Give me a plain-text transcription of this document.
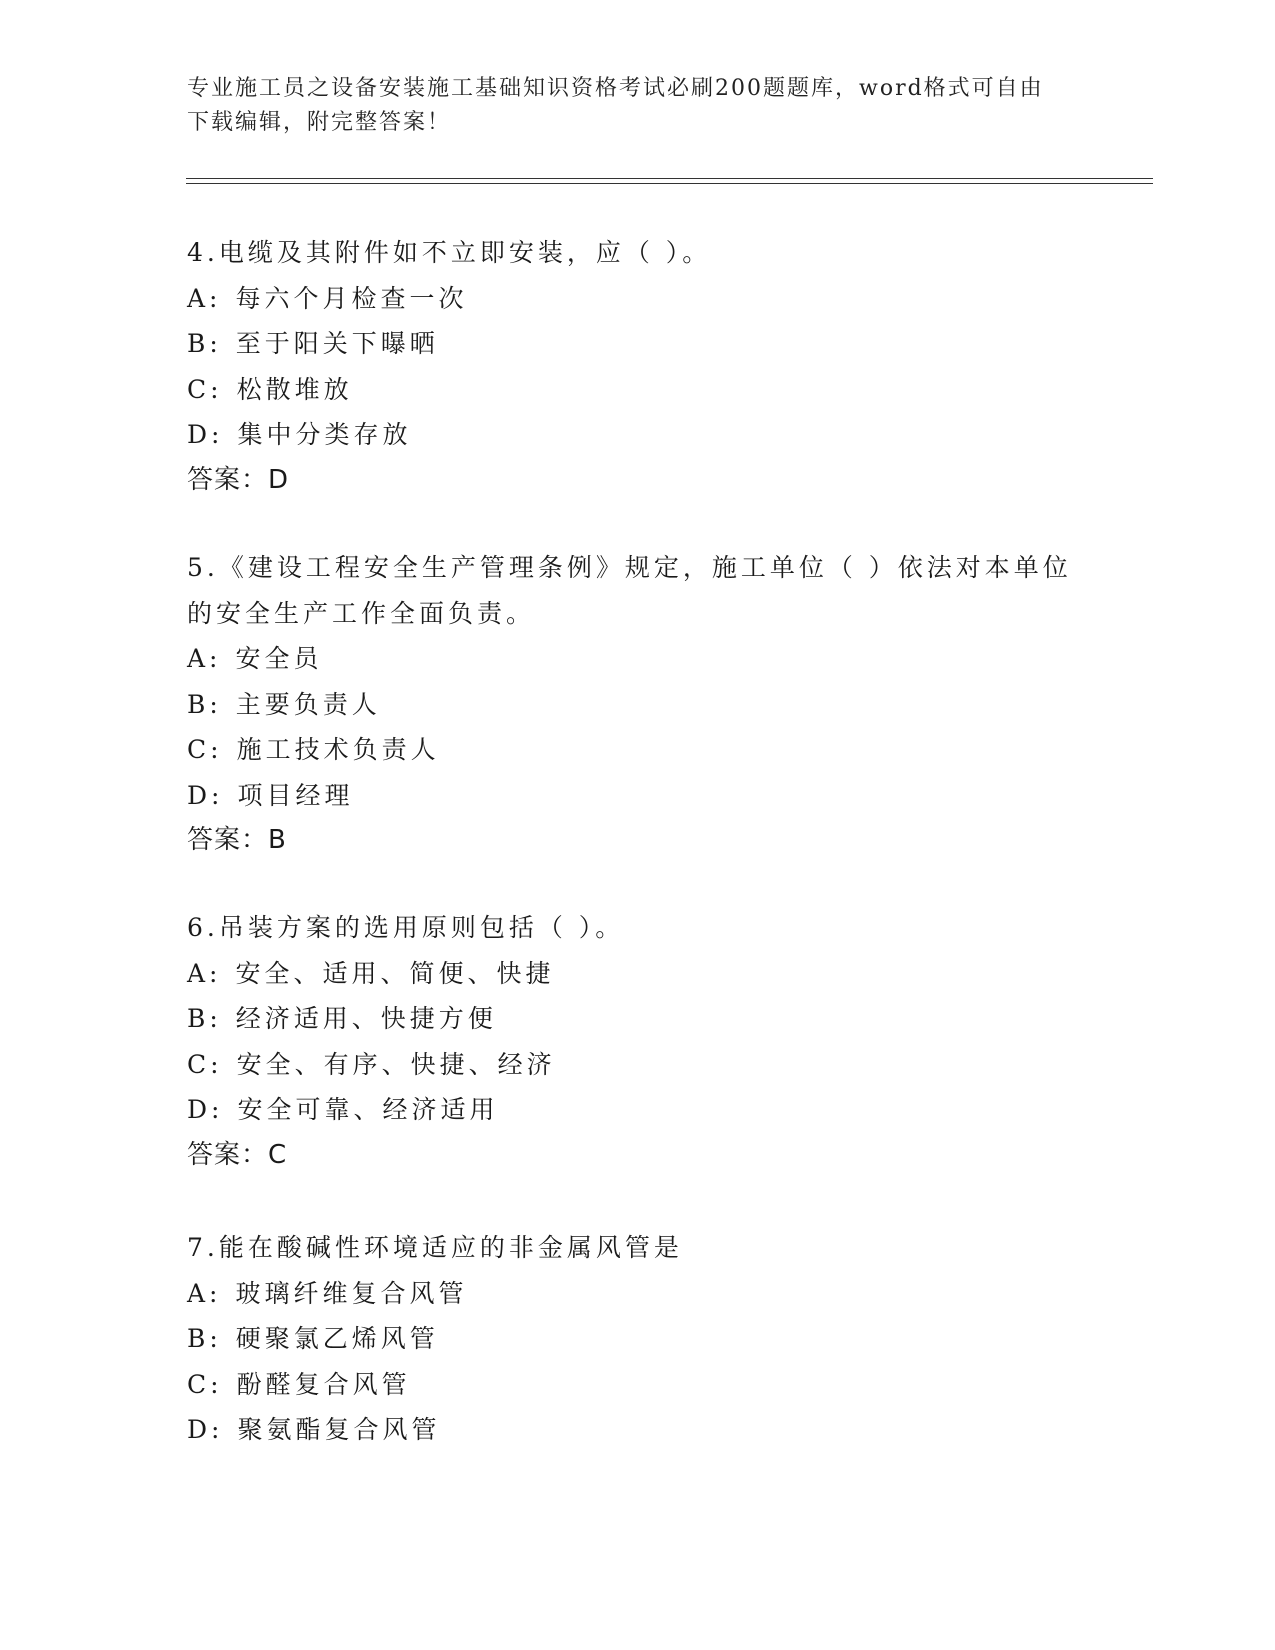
专业施工员之设备安装施工基础知识资格考试必刷200题题库，word格式可自由
下载编辑，附完整答案！
4.电缆及其附件如不立即安装，应（ ）。
A: 每六个月检查一次
B: 至于阳关下曝晒
C: 松散堆放
D: 集中分类存放
答案：D
5.《建设工程安全生产管理条例》规定，施工单位（ ）依法对本单位
的安全生产工作全面负责。
A: 安全员
B: 主要负责人
C: 施工技术负责人
D: 项目经理
答案：B
6.吊装方案的选用原则包括（ ）。
A: 安全、适用、简便、快捷
B: 经济适用、快捷方便
C: 安全、有序、快捷、经济
D: 安全可靠、经济适用
答案：C
7.能在酸碱性环境适应的非金属风管是
A: 玻璃纤维复合风管
B: 硬聚氯乙烯风管
C: 酚醛复合风管
D: 聚氨酯复合风管
